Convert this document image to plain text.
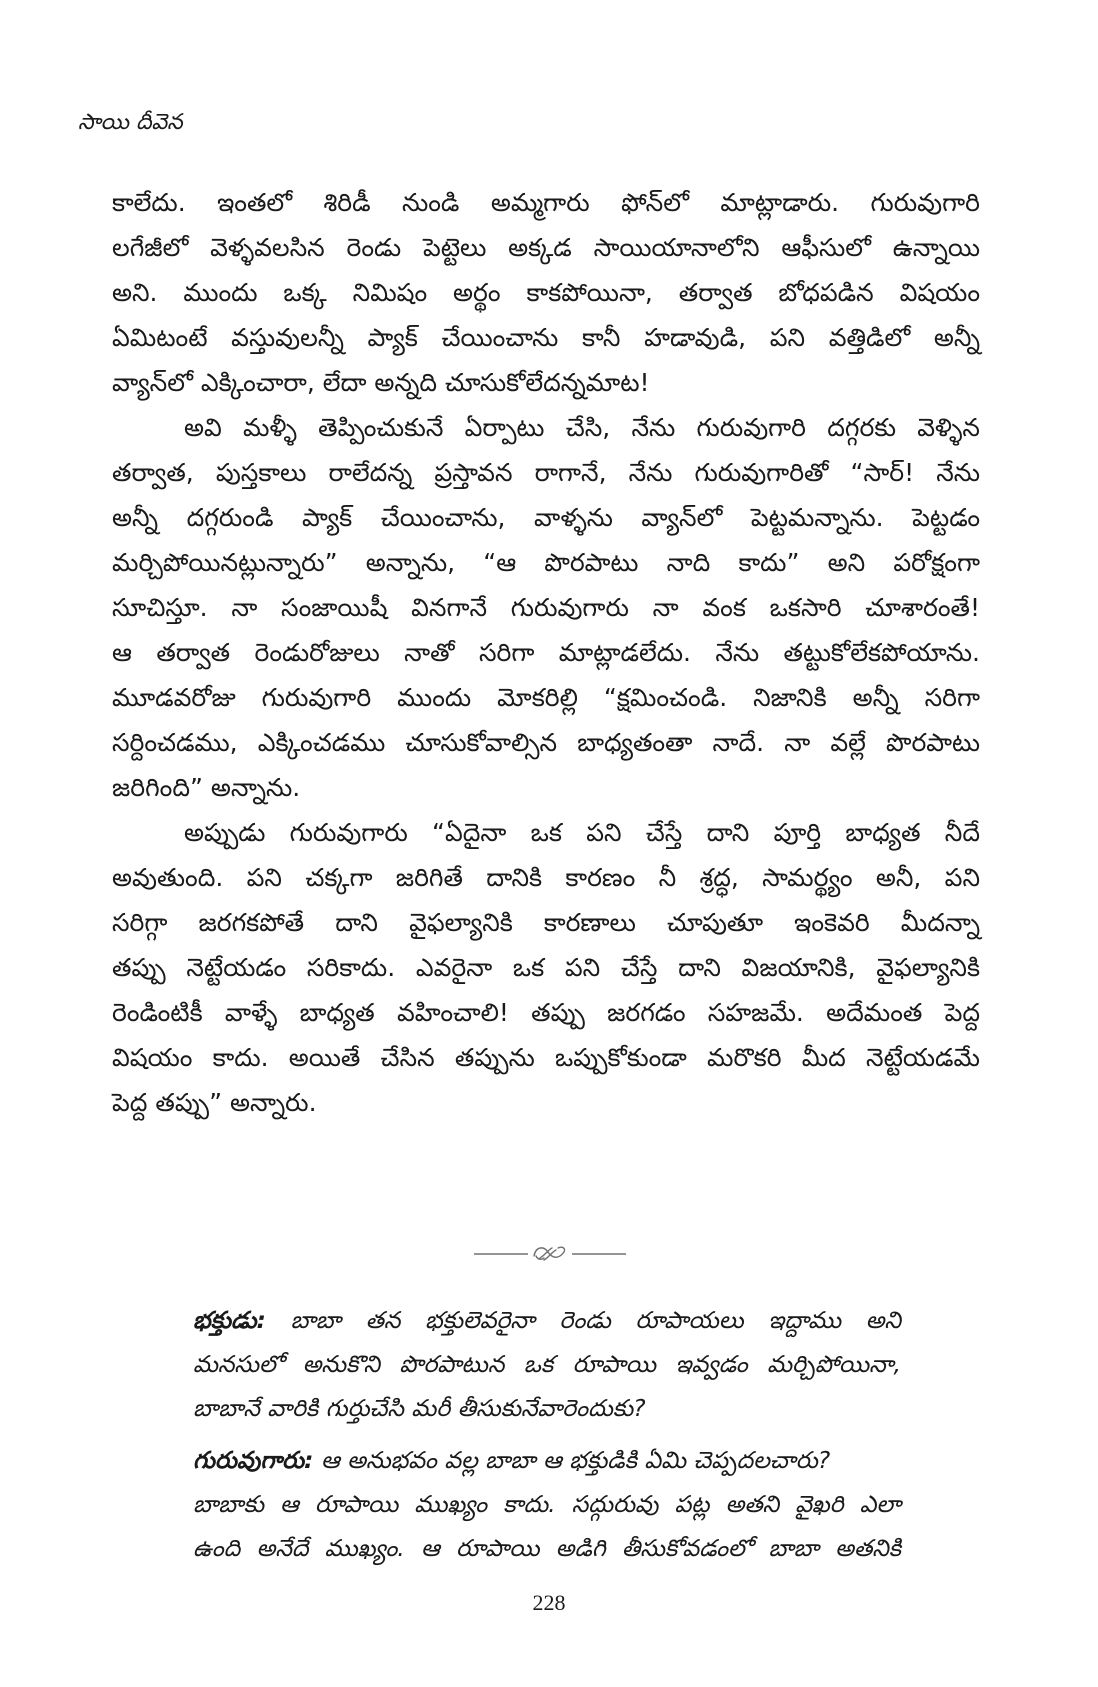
సాయి దీవెన
కాలేదు. ఇంతలో శిరిడీ నుండి అమ్మగారు ఫోన్‌లో మాట్లాడారు. గురువుగారి
లగేజీలో వెళ్ళవలసిన రెండు పెట్టెలు అక్కడ సాయియానాలోని ఆఫీసులో ఉన్నాయి
అని. ముందు ఒక్క నిమిషం అర్థం కాకపోయినా, తర్వాత బోధపడిన విషయం
ఏమిటంటే వస్తువులన్నీ ప్యాక్ చేయించాను కానీ హడావుడి, పని వత్తిడిలో అన్నీ
వ్యాన్‌లో ఎక్కించారా, లేదా అన్నది చూసుకోలేదన్నమాట!
అవి మళ్ళీ తెప్పించుకునే ఏర్పాటు చేసి, నేను గురువుగారి దగ్గరకు వెళ్ళిన
తర్వాత, పుస్తకాలు రాలేదన్న ప్రస్తావన రాగానే, నేను గురువుగారితో “సార్! నేను
అన్నీ దగ్గరుండి ప్యాక్ చేయించాను, వాళ్ళను వ్యాన్‌లో పెట్టమన్నాను. పెట్టడం
మర్చిపోయినట్లున్నారు” అన్నాను, “ఆ పొరపాటు నాది కాదు” అని పరోక్షంగా
సూచిస్తూ. నా సంజాయిషీ వినగానే గురువుగారు నా వంక ఒకసారి చూశారంతే!
ఆ తర్వాత రెండురోజులు నాతో సరిగా మాట్లాడలేదు. నేను తట్టుకోలేకపోయాను.
మూడవరోజు గురువుగారి ముందు మోకరిల్లి “క్షమించండి. నిజానికి అన్నీ సరిగా
సర్దించడము, ఎక్కించడము చూసుకోవాల్సిన బాధ్యతంతా నాదే. నా వల్లే పొరపాటు
జరిగింది” అన్నాను.
అప్పుడు గురువుగారు “ఏదైనా ఒక పని చేస్తే దాని పూర్తి బాధ్యత నీదే
అవుతుంది. పని చక్కగా జరిగితే దానికి కారణం నీ శ్రద్ధ, సామర్థ్యం అనీ, పని
సరిగ్గా జరగకపోతే దాని వైఫల్యానికి కారణాలు చూపుతూ ఇంకెవరి మీదన్నా
తప్పు నెట్టేయడం సరికాదు. ఎవరైనా ఒక పని చేస్తే దాని విజయానికి, వైఫల్యానికి
రెండింటికీ వాళ్ళే బాధ్యత వహించాలి! తప్పు జరగడం సహజమే. అదేమంత పెద్ద
విషయం కాదు. అయితే చేసిన తప్పును ఒప్పుకోకుండా మరొకరి మీద నెట్టేయడమే
పెద్ద తప్పు” అన్నారు.
భక్తుడు: బాబా తన భక్తులెవరైనా రెండు రూపాయలు ఇద్దాము అని
మనసులో అనుకొని పొరపాటున ఒక రూపాయి ఇవ్వడం మర్చిపోయినా,
బాబానే వారికి గుర్తుచేసి మరీ తీసుకునేవారెందుకు?
గురువుగారు: ఆ అనుభవం వల్ల బాబా ఆ భక్తుడికి ఏమి చెప్పదలచారు?
బాబాకు ఆ రూపాయి ముఖ్యం కాదు. సద్గురువు పట్ల అతని వైఖరి ఎలా
ఉంది అనేదే ముఖ్యం. ఆ రూపాయి అడిగి తీసుకోవడంలో బాబా అతనికి
228
